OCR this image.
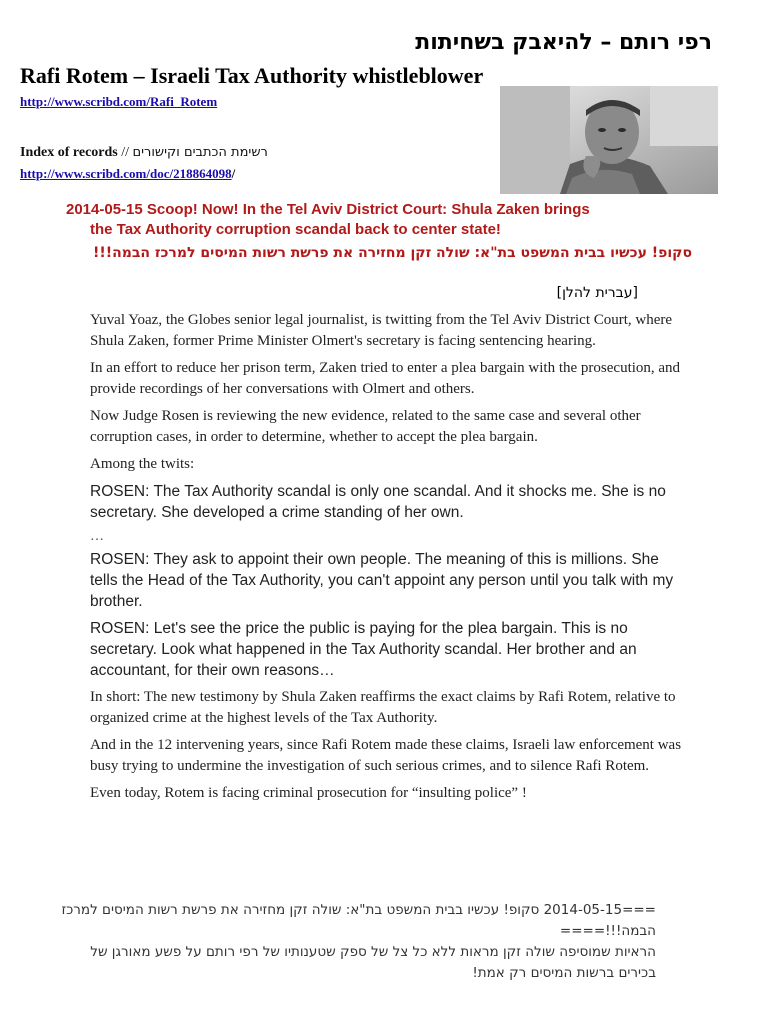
רפי רותם – להיאבק בשחיתות
Rafi Rotem – Israeli Tax Authority whistleblower
http://www.scribd.com/Rafi_Rotem
Index of records // רשימת הכתבים וקישורים
http://www.scribd.com/doc/218864098/
2014-05-15 Scoop! Now! In the Tel Aviv District Court: Shula Zaken brings
the Tax Authority corruption scandal back to center state!
סקופ! עכשיו בבית המשפט בת"א: שולה זקן מחזירה את פרשת רשות המיסים למרכז הבמה!!!
[עברית להלן]

Yuval Yoaz, the Globes senior legal journalist, is twitting from the Tel Aviv District Court, where Shula Zaken, former Prime Minister Olmert's secretary is facing sentencing hearing.

In an effort to reduce her prison term, Zaken tried to enter a plea bargain with the prosecution, and provide recordings of her conversations with Olmert and others.

Now Judge Rosen is reviewing the new evidence, related to the same case and several other corruption cases, in order to determine, whether to accept the plea bargain.

Among the twits:

ROSEN: The Tax Authority scandal is only one scandal. And it shocks me. She is no secretary. She developed a crime standing of her own.

…

ROSEN: They ask to appoint their own people. The meaning of this is millions. She tells the Head of the Tax Authority, you can't appoint any person until you talk with my brother.

ROSEN: Let's see the price the public is paying for the plea bargain. This is no secretary. Look what happened in the Tax Authority scandal. Her brother and an accountant, for their own reasons…

In short: The new testimony by Shula Zaken reaffirms the exact claims by Rafi Rotem, relative to organized crime at the highest levels of the Tax Authority.

And in the 12 intervening years, since Rafi Rotem made these claims, Israeli law enforcement was busy trying to undermine the investigation of such serious crimes, and to silence Rafi Rotem.

Even today, Rotem is facing criminal prosecution for “insulting police” !

===2014-05-15 סקופ! עכשיו בבית המשפט בת"א: שולה זקן מחזירה את פרשת רשות המיסים למרכז הבמה!!!====
הראיות שמוסיפה שולה זקן מראות ללא כל צל של ספק שטענותיו של רפי רותם על פשע מאורגן של בכירים ברשות המיסים רק אמת!
